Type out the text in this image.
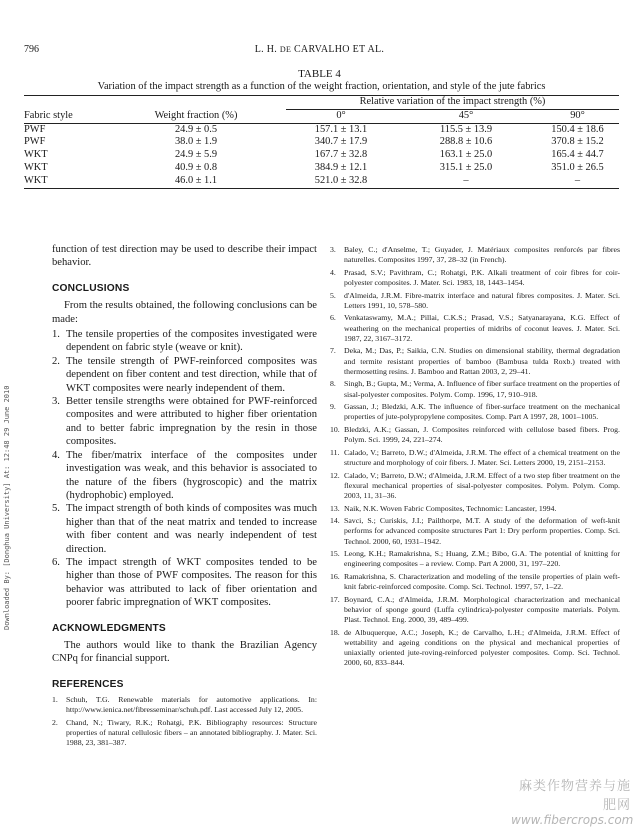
796	L. H. DE CARVALHO ET AL.
Downloaded By: [Donghua University] At: 12:48 29 June 2010
TABLE 4
Variation of the impact strength as a function of the weight fraction, orientation, and style of the jute fabrics
		Relative variation of the impact strength (%)		
Fabric style	Weight fraction (%)	0°	45°	90°
PWF	24.9 ± 0.5	157.1 ± 13.1	115.5 ± 13.9	150.4 ± 18.6
PWF	38.0 ± 1.9	340.7 ± 17.9	288.8 ± 10.6	370.8 ± 15.2
WKT	24.9 ± 5.9	167.7 ± 32.8	163.1 ± 25.0	165.4 ± 44.7
WKT	40.9 ± 0.8	384.9 ± 12.1	315.1 ± 25.0	351.0 ± 26.5
WKT	46.0 ± 1.1	521.0 ± 32.8	–	–

function of test direction may be used to describe their impact behavior.

CONCLUSIONS

From the results obtained, the following conclusions can be made:

1. The tensile properties of the composites investigated were dependent on fabric style (weave or knit).
2. The tensile strength of PWF-reinforced composites was dependent on fiber content and test direction, while that of WKT composites were nearly independent of them.
3. Better tensile strengths were obtained for PWF-reinforced composites and were attributed to higher fiber orientation and to better fabric impregnation by the resin in those composites.
4. The fiber/matrix interface of the composites under investigation was weak, and this behavior is associated to the nature of the fibers (hygroscopic) and the matrix (hydrophobic) employed.
5. The impact strength of both kinds of composites was much higher than that of the neat matrix and tended to increase with fiber content and was nearly independent of test direction.
6. The impact strength of WKT composites tended to be higher than those of PWF composites. The reason for this behavior was attributed to lack of fiber orientation and poorer fabric impregnation of WKT composites.
ACKNOWLEDGMENTS

The authors would like to thank the Brazilian Agency CNPq for financial support.

REFERENCES
1. Schuh, T.G. Renewable materials for automotive applications. In: http://www.ienica.net/fibresseminar/schuh.pdf. Last accessed July 12, 2005.
2. Chand, N.; Tiwary, R.K.; Rohatgi, P.K. Bibliography resources: Structure properties of natural cellulosic fibers – an annotated bibliography. J. Mater. Sci. 1988, 23, 381–387.
3. Baley, C.; d'Anselme, T.; Guyader, J. Matériaux composites renforcés par fibres naturelles. Composites 1997, 37, 28–32 (in French).
4. Prasad, S.V.; Pavithram, C.; Rohatgi, P.K. Alkali treatment of coir fibres for coir-polyester composites. J. Mater. Sci. 1983, 18, 1443–1454.
5. d'Almeida, J.R.M. Fibre-matrix interface and natural fibres composites. J. Mater. Sci. Letters 1991, 10, 578–580.
6. Venkataswamy, M.A.; Pillai, C.K.S.; Prasad, V.S.; Satyanarayana, K.G. Effect of weathering on the mechanical properties of midribs of coconut leaves. J. Mater. Sci. 1987, 22, 3167–3172.
7. Deka, M.; Das, P.; Saikia, C.N. Studies on dimensional stability, thermal degradation and termite resistant properties of bamboo (Bambusa tulda Roxb.) treated with thermosetting resins. J. Bamboo and Rattan 2003, 2, 29–41.
8. Singh, B.; Gupta, M.; Verma, A. Influence of fiber surface treatment on the properties of sisal-polyester composites. Polym. Comp. 1996, 17, 910–918.
9. Gassan, J.; Bledzki, A.K. The influence of fiber-surface treatment on the mechanical properties of jute-polypropylene composites. Comp. Part A 1997, 28, 1001–1005.
10. Bledzki, A.K.; Gassan, J. Composites reinforced with cellulose based fibers. Prog. Polym. Sci. 1999, 24, 221–274.
11. Calado, V.; Barreto, D.W.; d'Almeida, J.R.M. The effect of a chemical treatment on the structure and morphology of coir fibers. J. Mater. Sci. Letters 2000, 19, 2151–2153.
12. Calado, V.; Barreto, D.W.; d'Almeida, J.R.M. Effect of a two step fiber treatment on the flexural mechanical properties of sisal-polyester composites. Polym. Polym. Comp. 2003, 11, 31–36.
13. Naik, N.K. Woven Fabric Composites, Technomic: Lancaster, 1994.
14. Savci, S.; Curiskis, J.I.; Pailthorpe, M.T. A study of the deformation of weft-knit performs for advanced composite structures Part 1: Dry perform properties. Comp. Sci. Technol. 2000, 60, 1931–1942.
15. Leong, K.H.; Ramakrishna, S.; Huang, Z.M.; Bibo, G.A. The potential of knitting for engineering composites – a review. Comp. Part A 2000, 31, 197–220.
16. Ramakrishna, S. Characterization and modeling of the tensile properties of plain weft-knit fabric-reinforced composite. Comp. Sci. Technol. 1997, 57, 1–22.
17. Boynard, C.A.; d'Almeida, J.R.M. Morphological characterization and mechanical behavior of sponge gourd (Luffa cylindrica)-polyester composite materials. Polym. Plast. Technol. Eng. 2000, 39, 489–499.
18. de Albuquerque, A.C.; Joseph, K.; de Carvalho, L.H.; d'Almeida, J.R.M. Effect of wettability and ageing conditions on the physical and mechanical properties of uniaxially oriented jute-roving-reinforced polyester composites. Comp. Sci. Technol. 2000, 60, 833–844.
麻类作物营养与施肥网
www.fibercrops.com
